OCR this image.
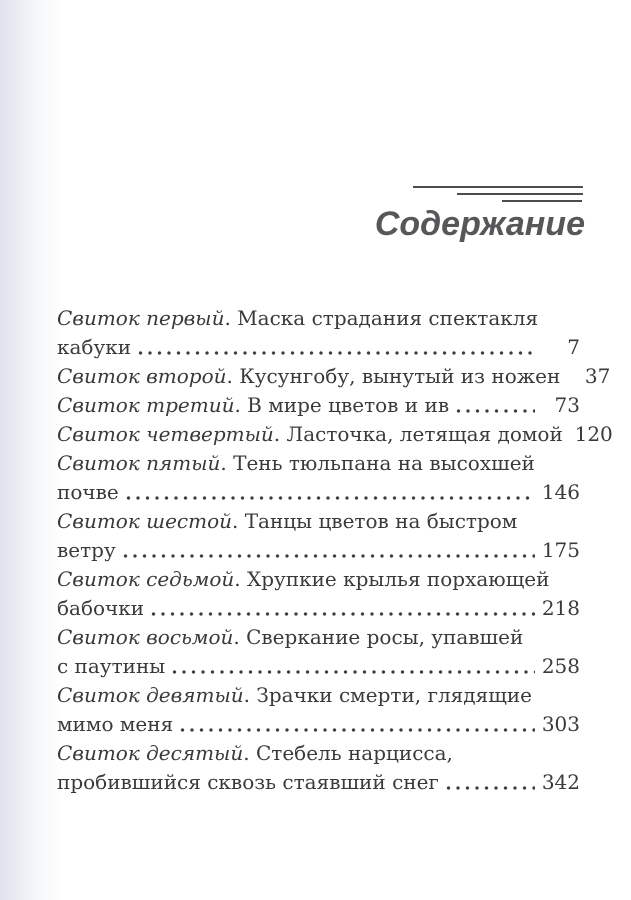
Содержание
Свиток первый . Маска страдания спектакля
кабуки	7
Свиток второй . Кусунгобу, вынутый из ножен	37
Свиток третий . В мире цветов и ив	73
Свиток четвертый . Ласточка, летящая домой 120
Свиток пятый . Тень тюльпана на высохшей
почве	146
Свиток шестой . Танцы цветов на быстром
ветру	175
Свиток седьмой . Хрупкие крылья порхающей
бабочки	218
Свиток восьмой . Сверкание росы, упавшей
с паутины	258
Свиток девятый . Зрачки смерти, глядящие
мимо меня	303
Свиток десятый . Стебель нарцисса,
пробившийся сквозь стаявший снег	342
